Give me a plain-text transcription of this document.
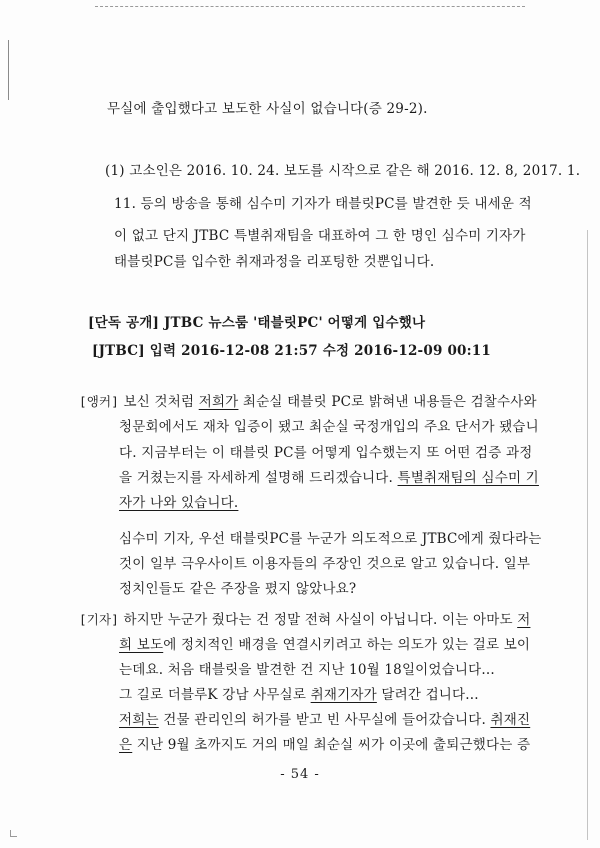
무실에 출입했다고 보도한 사실이 없습니다(증 29-2).
(1) 고소인은 2016. 10. 24. 보도를 시작으로 같은 해 2016. 12. 8, 2017. 1.
11. 등의 방송을 통해 심수미 기자가 태블릿PC를 발견한 듯 내세운 적
이 없고 단지 JTBC 특별취재팀을 대표하여 그 한 명인 심수미 기자가
태블릿PC를 입수한 취재과정을 리포팅한 것뿐입니다.
[단독 공개] JTBC 뉴스룸 '태블릿PC' 어떻게 입수했나
[JTBC] 입력 2016-12-08 21:57 수정 2016-12-09 00:11
[앵커] 보신 것처럼 저희가 최순실 태블릿 PC로 밝혀낸 내용들은 검찰수사와
청문회에서도 재차 입증이 됐고 최순실 국정개입의 주요 단서가 됐습니
다. 지금부터는 이 태블릿 PC를 어떻게 입수했는지 또 어떤 검증 과정
을 거쳤는지를 자세하게 설명해 드리겠습니다. 특별취재팀의 심수미 기
자가 나와 있습니다.
심수미 기자, 우선 태블릿PC를 누군가 의도적으로 JTBC에게 줬다라는
것이 일부 극우사이트 이용자들의 주장인 것으로 알고 있습니다. 일부
정치인들도 같은 주장을 폈지 않았나요?
[기자] 하지만 누군가 줬다는 건 정말 전혀 사실이 아닙니다. 이는 아마도 저
희 보도에 정치적인 배경을 연결시키려고 하는 의도가 있는 걸로 보이
는데요. 처음 태블릿을 발견한 건 지난 10월 18일이었습니다...
그 길로 더블루K 강남 사무실로 취재기자가 달려간 겁니다...
저희는 건물 관리인의 허가를 받고 빈 사무실에 들어갔습니다. 취재진
은 지난 9월 초까지도 거의 매일 최순실 씨가 이곳에 출퇴근했다는 증
- 54 -
